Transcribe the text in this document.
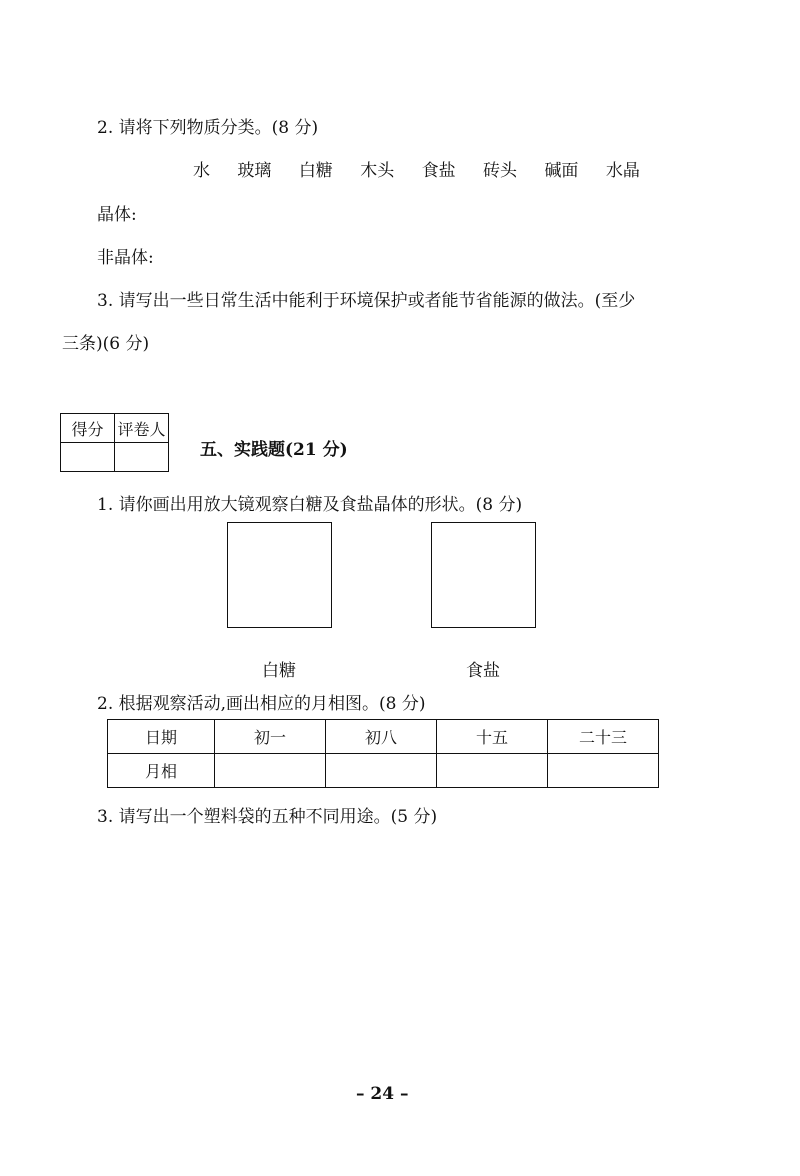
2. 请将下列物质分类。(8 分)
水 玻璃 白糖 木头 食盐 砖头 碱面 水晶
晶体:
非晶体:
3. 请写出一些日常生活中能利于环境保护或者能节省能源的做法。(至少
三条)(6 分)
得分	评卷人

五、实践题(21 分)
1. 请你画出用放大镜观察白糖及食盐晶体的形状。(8 分)
白糖	食盐
2. 根据观察活动,画出相应的月相图。(8 分)
日期	初一	初八	十五	二十三
月相				
3. 请写出一个塑料袋的五种不同用途。(5 分)
– 24 –
